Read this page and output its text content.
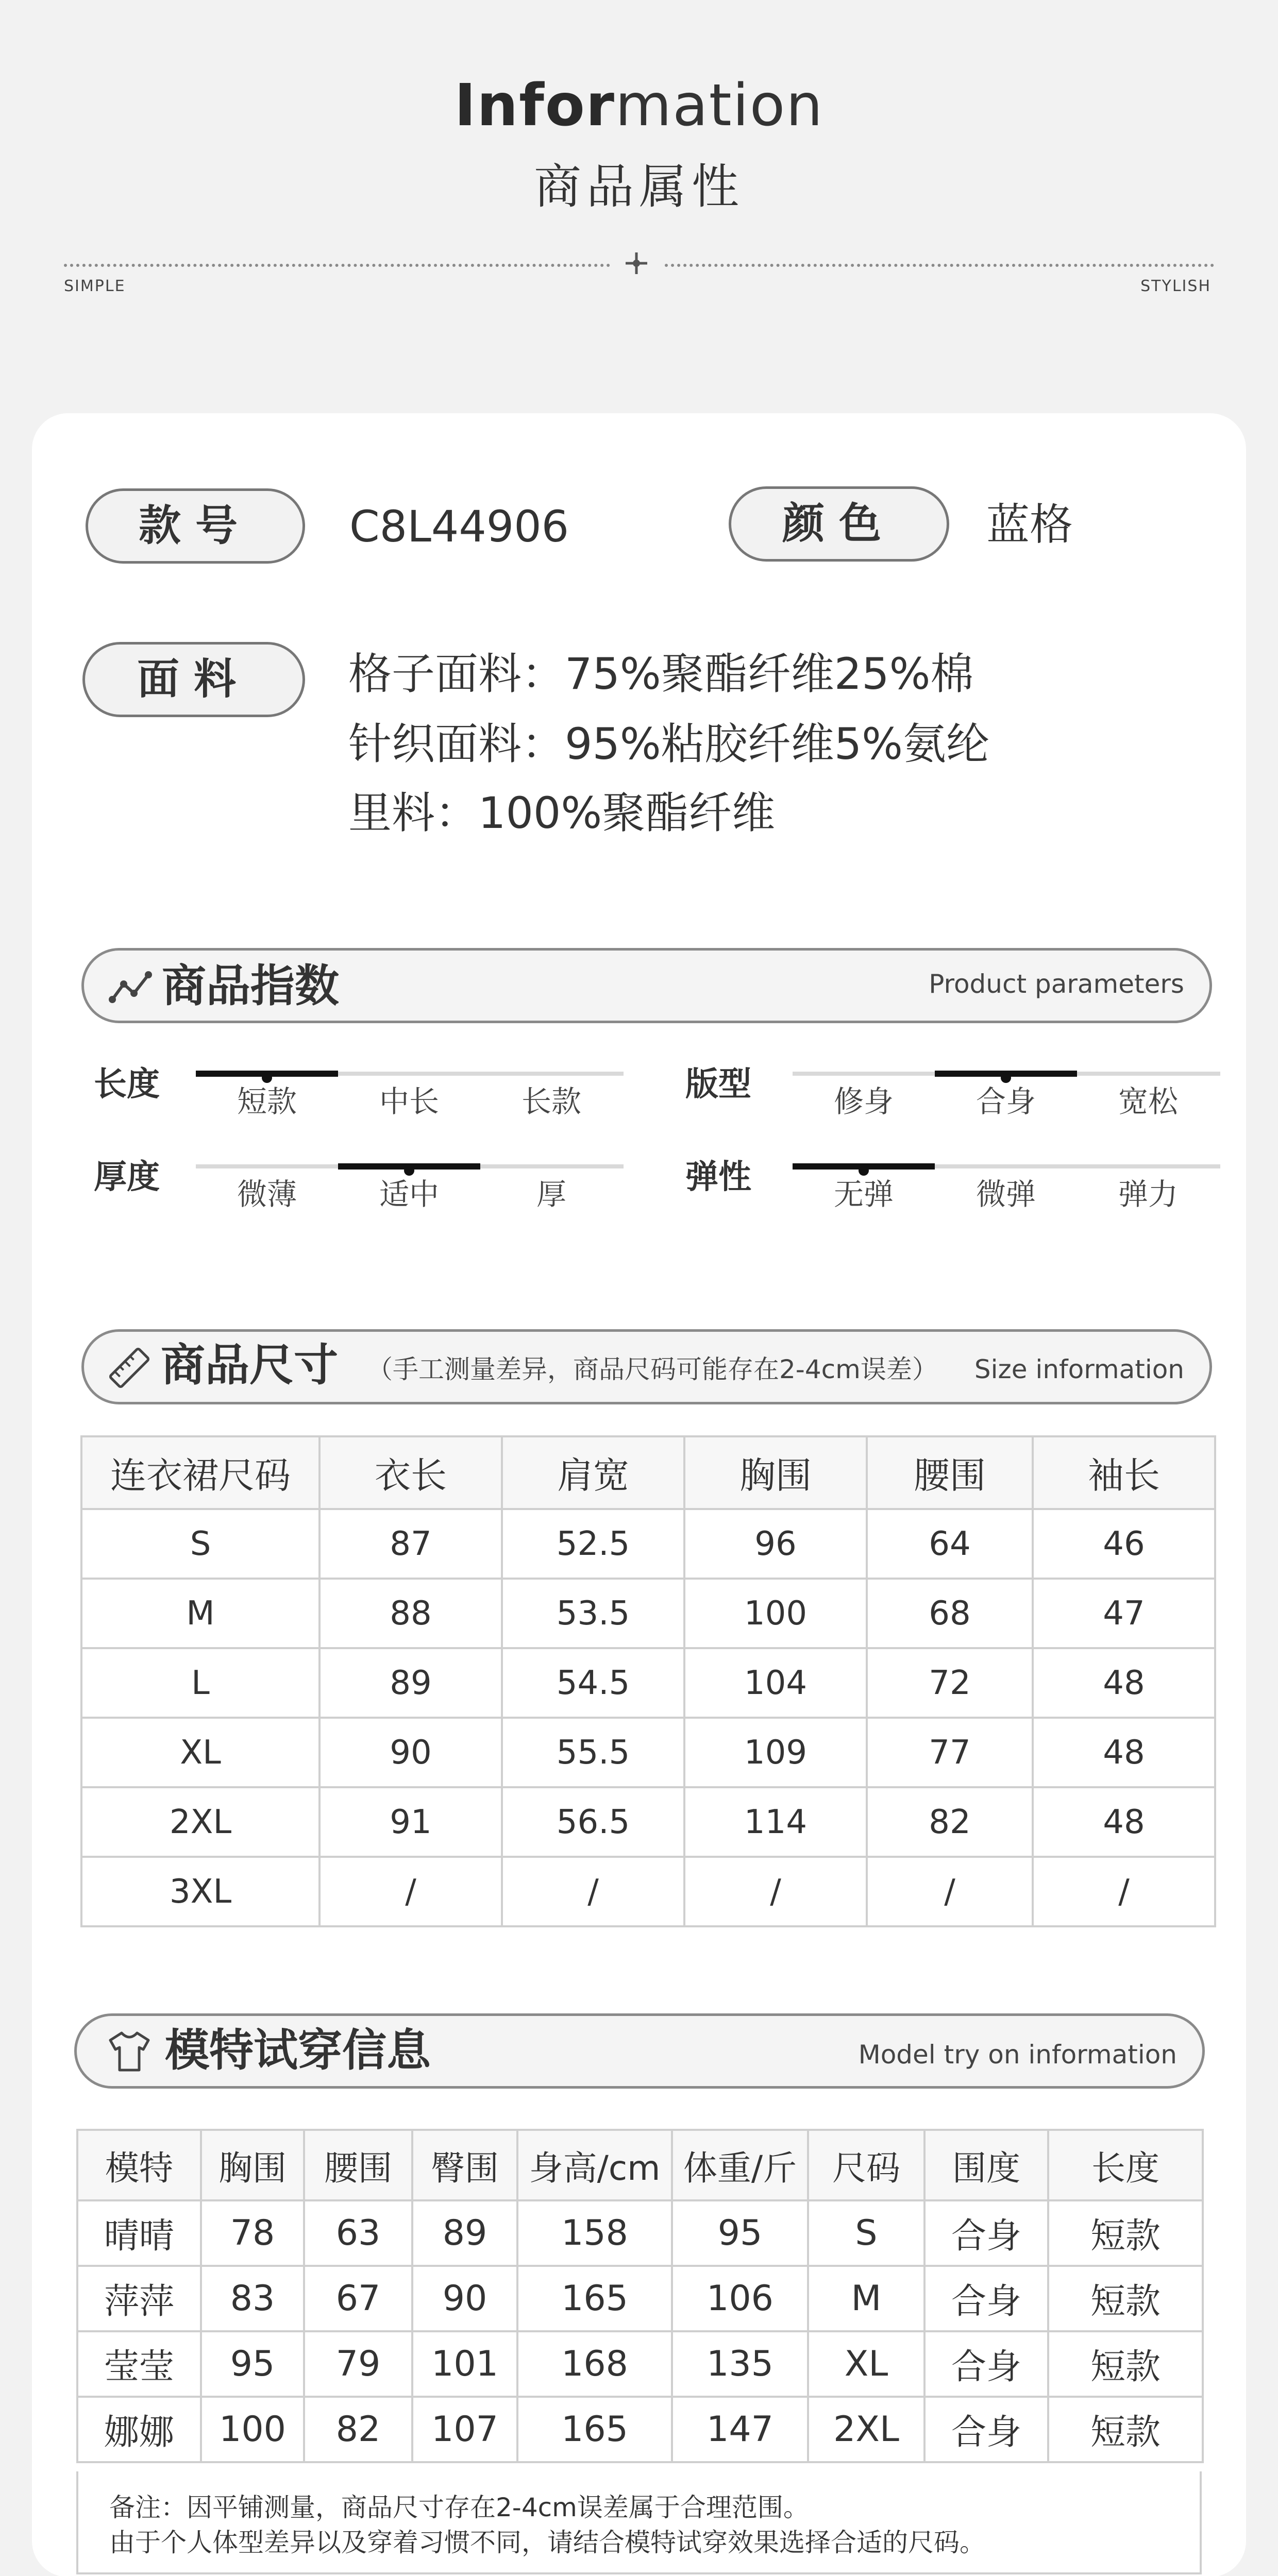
Information
商品属性
SIMPLE	STYLISH
款号	C8L44906	颜色	蓝格
面料	格子面料：75%聚酯纤维25%棉
针织面料：95%粘胶纤维5%氨纶
里料：100%聚酯纤维
商品指数	Product parameters
长度	短款	中长	长款	版型	修身	合身	宽松
厚度	微薄	适中	厚	弹性	无弹	微弹	弹力
商品尺寸 （手工测量差异，商品尺码可能存在2-4cm误差） Size information
连衣裙尺码	衣长	肩宽	胸围	腰围	袖长
S	87	52.5	96	64	46
M	88	53.5	100	68	47
L	89	54.5	104	72	48
XL	90	55.5	109	77	48
2XL	91	56.5	114	82	48
3XL	/	/	/	/	/
模特试穿信息	Model try on information
模特	胸围	腰围	臀围	身高/cm	体重/斤	尺码	围度	长度
晴晴	78	63	89	158	95	S	合身	短款
萍萍	83	67	90	165	106	M	合身	短款
莹莹	95	79	101	168	135	XL	合身	短款
娜娜	100	82	107	165	147	2XL	合身	短款
备注：因平铺测量，商品尺寸存在2-4cm误差属于合理范围。
由于个人体型差异以及穿着习惯不同，请结合模特试穿效果选择合适的尺码。
